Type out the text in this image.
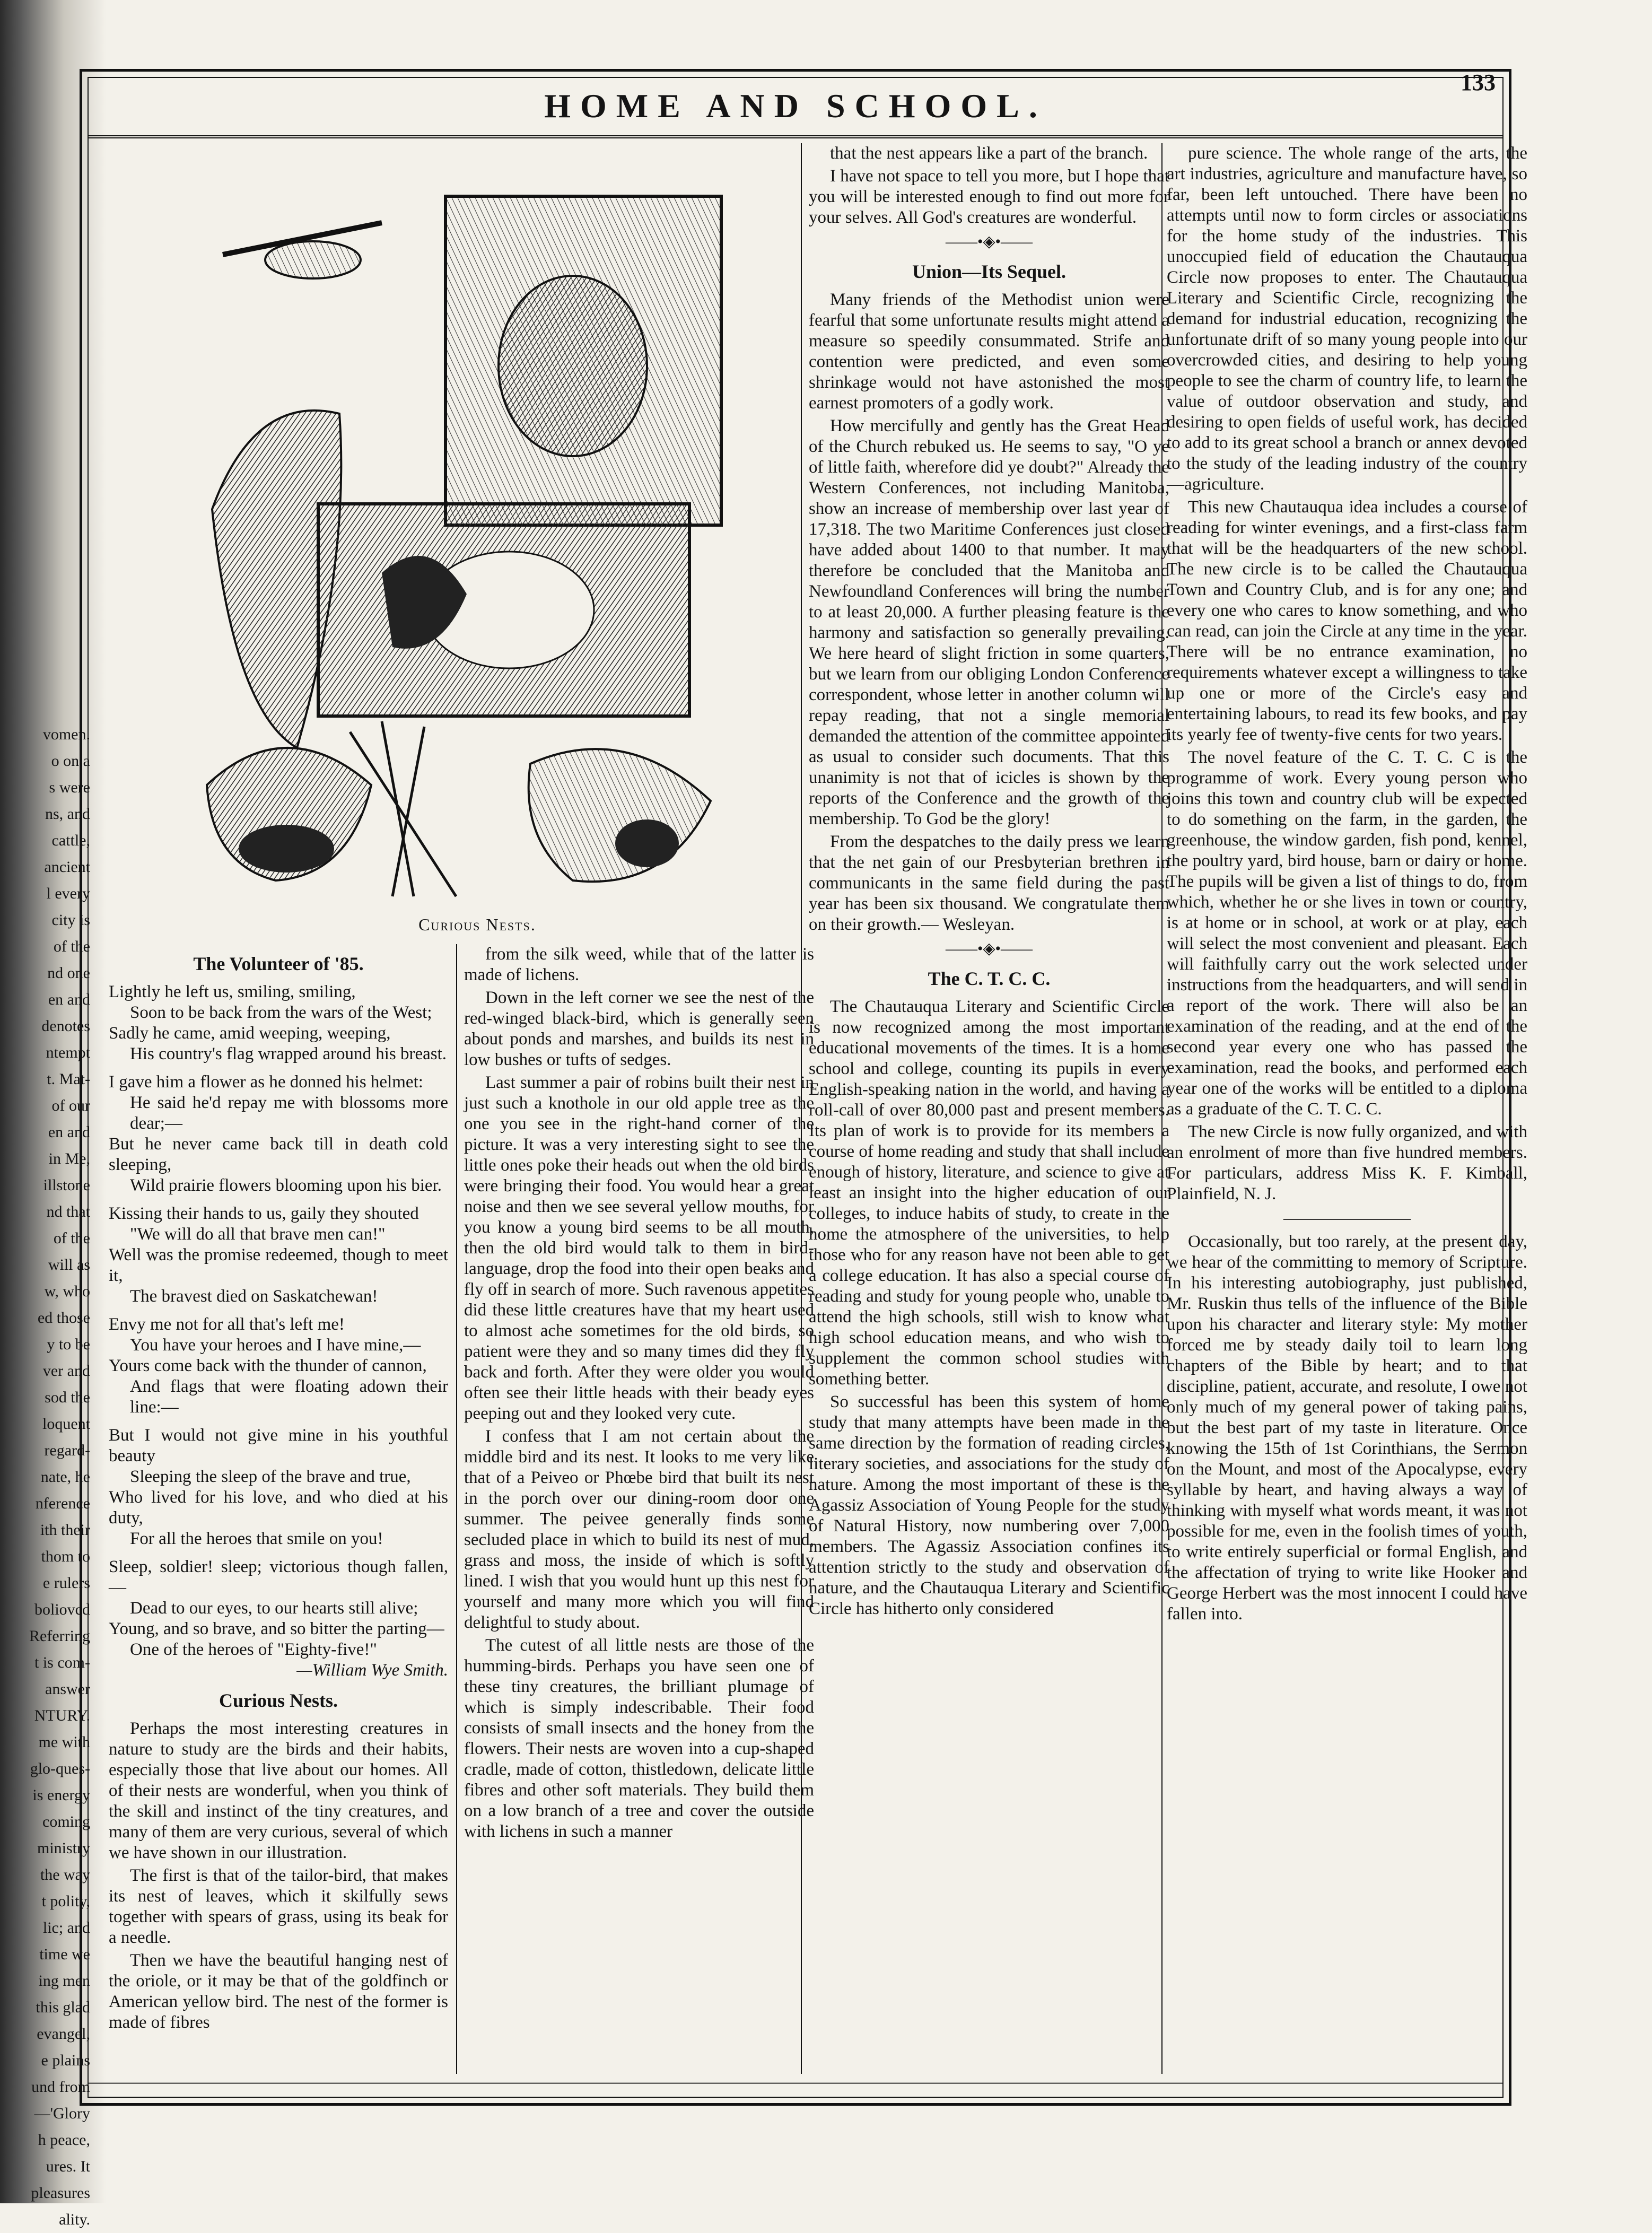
vomen.
o on a
s were
ns, and
cattle,
ancient
l every
city is
of the
nd one
en and
denotes
ntempt
t. Mat-
of our
en and
in Me,
illstone
nd that
of the
will as
w, who
ed those
y to be
ver and
sod the
loquent
regard-
nate, he
nference
ith their
thom to
e rulers
boliovcd
Referring
t is com-
answer
NTURY.
me with
glo-ques-
is energy
coming
ministry
the way
t polity,
lic; and
time we
ing men
this glad
evangel,
e plains
und from
—'Glory
h peace,
ures. It
pleasures
ality.
HOME AND SCHOOL.
133
Curious Nests.
The Volunteer of '85.

Lightly he left us, smiling, smiling,

Soon to be back from the wars of the West;

Sadly he came, amid weeping, weeping,

His country's flag wrapped around his breast.

I gave him a flower as he donned his helmet:

He said he'd repay me with blossoms more dear;—

But he never came back till in death cold sleeping,

Wild prairie flowers blooming upon his bier.

Kissing their hands to us, gaily they shouted

"We will do all that brave men can!"

Well was the promise redeemed, though to meet it,

The bravest died on Saskatchewan!

Envy me not for all that's left me!

You have your heroes and I have mine,—

Yours come back with the thunder of cannon,

And flags that were floating adown their line:—

But I would not give mine in his youthful beauty

Sleeping the sleep of the brave and true,

Who lived for his love, and who died at his duty,

For all the heroes that smile on you!

Sleep, soldier! sleep; victorious though fallen,—

Dead to our eyes, to our hearts still alive;

Young, and so brave, and so bitter the parting—

One of the heroes of "Eighty-five!"

—William Wye Smith.
Curious Nests.

Perhaps the most interesting creatures in nature to study are the birds and their habits, especially those that live about our homes. All of their nests are wonderful, when you think of the skill and instinct of the tiny creatures, and many of them are very curious, several of which we have shown in our illustration.

The first is that of the tailor-bird, that makes its nest of leaves, which it skilfully sews together with spears of grass, using its beak for a needle.

Then we have the beautiful hanging nest of the oriole, or it may be that of the goldfinch or American yellow bird. The nest of the former is made of fibres

from the silk weed, while that of the latter is made of lichens.

Down in the left corner we see the nest of the red-winged black-bird, which is generally seen about ponds and marshes, and builds its nest in low bushes or tufts of sedges.

Last summer a pair of robins built their nest in just such a knothole in our old apple tree as the one you see in the right-hand corner of the picture. It was a very interesting sight to see the little ones poke their heads out when the old birds were bringing their food. You would hear a great noise and then we see several yellow mouths, for you know a young bird seems to be all mouth, then the old bird would talk to them in bird-language, drop the food into their open beaks and fly off in search of more. Such ravenous appetites did these little creatures have that my heart used to almost ache sometimes for the old birds, so patient were they and so many times did they fly back and forth. After they were older you would often see their little heads with their beady eyes peeping out and they looked very cute.

I confess that I am not certain about the middle bird and its nest. It looks to me very like that of a Peiveo or Phœbe bird that built its nest in the porch over our dining-room door one summer. The peivee generally finds some secluded place in which to build its nest of mud, grass and moss, the inside of which is softly lined. I wish that you would hunt up this nest for yourself and many more which you will find delightful to study about.

The cutest of all little nests are those of the humming-birds. Perhaps you have seen one of these tiny creatures, the brilliant plumage of which is simply indescribable. Their food consists of small insects and the honey from the flowers. Their nests are woven into a cup-shaped cradle, made of cotton, thistledown, delicate little fibres and other soft materials. They build them on a low branch of a tree and cover the outside with lichens in such a manner

that the nest appears like a part of the branch.

I have not space to tell you more, but I hope that you will be interested enough to find out more for your selves. All God's creatures are wonderful.

——•◈•——
Union—Its Sequel.

Many friends of the Methodist union were fearful that some unfortunate results might attend a measure so speedily consummated. Strife and contention were predicted, and even some shrinkage would not have astonished the most earnest promoters of a godly work.

How mercifully and gently has the Great Head of the Church rebuked us. He seems to say, "O ye of little faith, wherefore did ye doubt?" Already the Western Conferences, not including Manitoba, show an increase of membership over last year of 17,318. The two Maritime Conferences just closed have added about 1400 to that number. It may therefore be concluded that the Manitoba and Newfoundland Conferences will bring the number to at least 20,000. A further pleasing feature is the harmony and satisfaction so generally prevailing. We here heard of slight friction in some quarters, but we learn from our obliging London Conference correspondent, whose letter in another column will repay reading, that not a single memorial demanded the attention of the committee appointed as usual to consider such documents. That this unanimity is not that of icicles is shown by the reports of the Conference and the growth of the membership. To God be the glory!

From the despatches to the daily press we learn that the net gain of our Presbyterian brethren in communicants in the same field during the past year has been six thousand. We congratulate them on their growth.— Wesleyan.

——•◈•——
The C. T. C. C.

The Chautauqua Literary and Scientific Circle is now recognized among the most important educational movements of the times. It is a home school and college, counting its pupils in every English-speaking nation in the world, and having a roll-call of over 80,000 past and present members. Its plan of work is to provide for its members a course of home reading and study that shall include enough of history, literature, and science to give at least an insight into the higher education of our colleges, to induce habits of study, to create in the home the atmosphere of the universities, to help those who for any reason have not been able to get a college education. It has also a special course of reading and study for young people who, unable to attend the high schools, still wish to know what high school education means, and who wish to supplement the common school studies with something better.

So successful has been this system of home study that many attempts have been made in the same direction by the formation of reading circles, literary societies, and associations for the study of nature. Among the most important of these is the Agassiz Association of Young People for the study of Natural History, now numbering over 7,000 members. The Agassiz Association confines its attention strictly to the study and observation of nature, and the Chautauqua Literary and Scientific Circle has hitherto only considered

pure science. The whole range of the arts, the art industries, agriculture and manufacture have, so far, been left untouched. There have been no attempts until now to form circles or associations for the home study of the industries. This unoccupied field of education the Chautauqua Circle now proposes to enter. The Chautauqua Literary and Scientific Circle, recognizing the demand for industrial education, recognizing the unfortunate drift of so many young people into our overcrowded cities, and desiring to help young people to see the charm of country life, to learn the value of outdoor observation and study, and desiring to open fields of useful work, has decided to add to its great school a branch or annex devoted to the study of the leading industry of the country—agriculture.

This new Chautauqua idea includes a course of reading for winter evenings, and a first-class farm that will be the headquarters of the new school. The new circle is to be called the Chautauqua Town and Country Club, and is for any one; and every one who cares to know something, and who can read, can join the Circle at any time in the year. There will be no entrance examination, no requirements whatever except a willingness to take up one or more of the Circle's easy and entertaining labours, to read its few books, and pay its yearly fee of twenty-five cents for two years.

The novel feature of the C. T. C. C is the programme of work. Every young person who joins this town and country club will be expected to do something on the farm, in the garden, the greenhouse, the window garden, fish pond, kennel, the poultry yard, bird house, barn or dairy or home. The pupils will be given a list of things to do, from which, whether he or she lives in town or country, is at home or in school, at work or at play, each will select the most convenient and pleasant. Each will faithfully carry out the work selected under instructions from the headquarters, and will send in a report of the work. There will also be an examination of the reading, and at the end of the second year every one who has passed the examination, read the books, and performed each year one of the works will be entitled to a diploma as a graduate of the C. T. C. C.

The new Circle is now fully organized, and with an enrolment of more than five hundred members. For particulars, address Miss K. F. Kimball, Plainfield, N. J.

————————

Occasionally, but too rarely, at the present day, we hear of the committing to memory of Scripture. In his interesting autobiography, just published, Mr. Ruskin thus tells of the influence of the Bible upon his character and literary style: My mother forced me by steady daily toil to learn long chapters of the Bible by heart; and to that discipline, patient, accurate, and resolute, I owe not only much of my general power of taking pains, but the best part of my taste in literature. Once knowing the 15th of 1st Corinthians, the Sermon on the Mount, and most of the Apocalypse, every syllable by heart, and having always a way of thinking with myself what words meant, it was not possible for me, even in the foolish times of youth, to write entirely superficial or formal English, and the affectation of trying to write like Hooker and George Herbert was the most innocent I could have fallen into.
